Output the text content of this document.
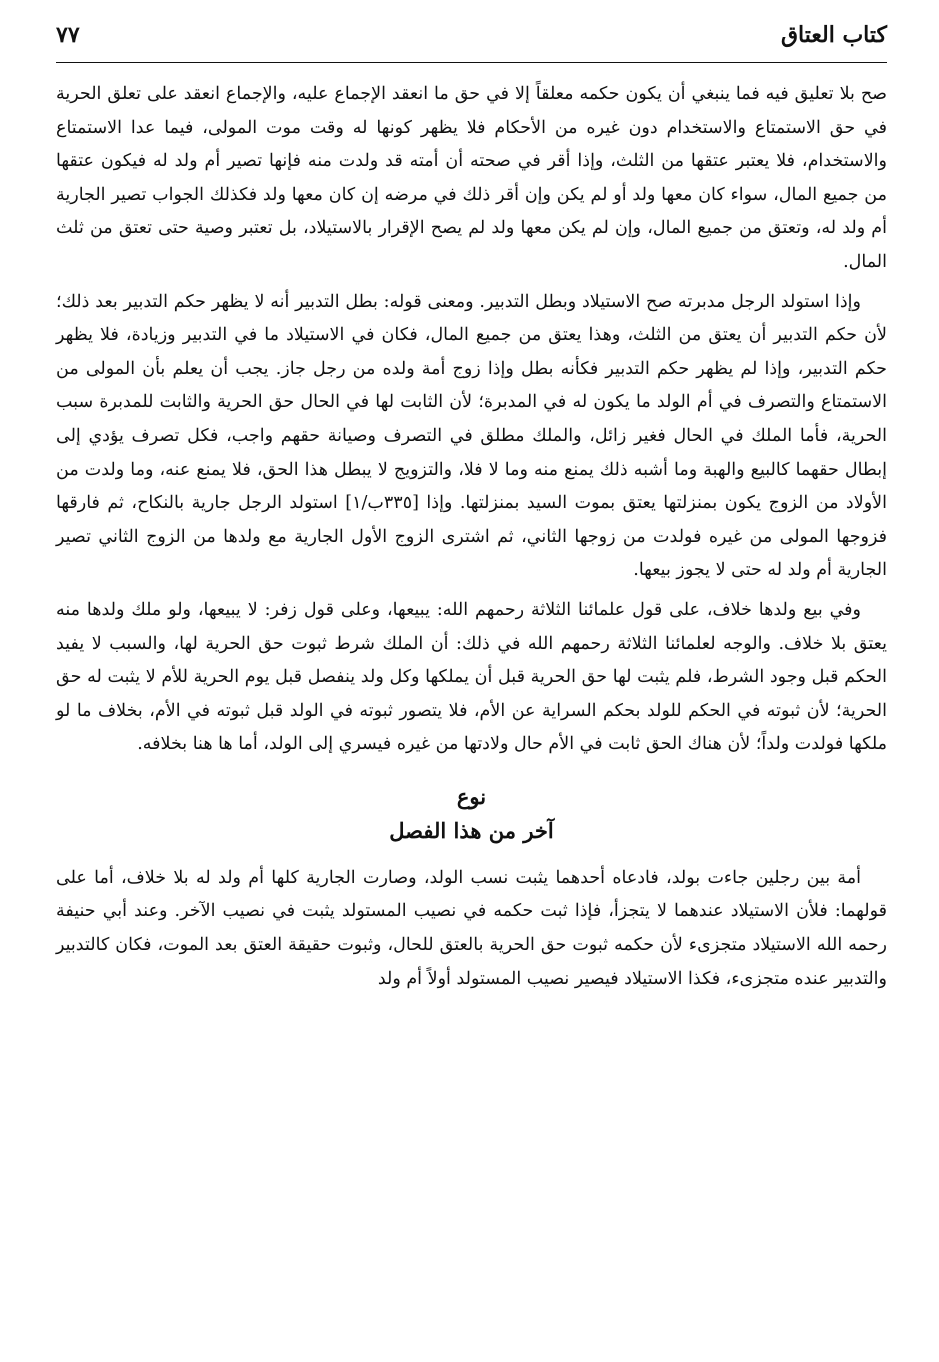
كتاب العتاق
٧٧

صح بلا تعليق فيه فما ينبغي أن يكون حكمه معلقاً إلا في حق ما انعقد الإجماع عليه، والإجماع انعقد على تعلق الحرية في حق الاستمتاع والاستخدام دون غيره من الأحكام فلا يظهر كونها له وقت موت المولى، فيما عدا الاستمتاع والاستخدام، فلا يعتبر عتقها من الثلث، وإذا أقر في صحته أن أمته قد ولدت منه فإنها تصير أم ولد له فيكون عتقها من جميع المال، سواء كان معها ولد أو لم يكن وإن أقر ذلك في مرضه إن كان معها ولد فكذلك الجواب تصير الجارية أم ولد له، وتعتق من جميع المال، وإن لم يكن معها ولد لم يصح الإقرار بالاستيلاد، بل تعتبر وصية حتى تعتق من ثلث المال.

وإذا استولد الرجل مدبرته صح الاستيلاد وبطل التدبير. ومعنى قوله: بطل التدبير أنه لا يظهر حكم التدبير بعد ذلك؛ لأن حكم التدبير أن يعتق من الثلث، وهذا يعتق من جميع المال، فكان في الاستيلاد ما في التدبير وزيادة، فلا يظهر حكم التدبير، وإذا لم يظهر حكم التدبير فكأنه بطل وإذا زوج أمة ولده من رجل جاز. يجب أن يعلم بأن المولى من الاستمتاع والتصرف في أم الولد ما يكون له في المدبرة؛ لأن الثابت لها في الحال حق الحرية والثابت للمدبرة سبب الحرية، فأما الملك في الحال فغير زائل، والملك مطلق في التصرف وصيانة حقهم واجب، فكل تصرف يؤدي إلى إبطال حقهما كالبيع والهبة وما أشبه ذلك يمنع منه وما لا فلا، والتزويج لا يبطل هذا الحق، فلا يمنع عنه، وما ولدت من الأولاد من الزوج يكون بمنزلتها يعتق بموت السيد بمنزلتها. وإذا [٣٣٥ب/١] استولد الرجل جارية بالنكاح، ثم فارقها فزوجها المولى من غيره فولدت من زوجها الثاني، ثم اشترى الزوج الأول الجارية مع ولدها من الزوج الثاني تصير الجارية أم ولد له حتى لا يجوز بيعها.

وفي بيع ولدها خلاف، على قول علمائنا الثلاثة رحمهم الله: يبيعها، وعلى قول زفر: لا يبيعها، ولو ملك ولدها منه يعتق بلا خلاف. والوجه لعلمائنا الثلاثة رحمهم الله في ذلك: أن الملك شرط ثبوت حق الحرية لها، والسبب لا يفيد الحكم قبل وجود الشرط، فلم يثبت لها حق الحرية قبل أن يملكها وكل ولد ينفصل قبل يوم الحرية للأم لا يثبت له حق الحرية؛ لأن ثبوته في الحكم للولد بحكم السراية عن الأم، فلا يتصور ثبوته في الولد قبل ثبوته في الأم، بخلاف ما لو ملكها فولدت ولداً؛ لأن هناك الحق ثابت في الأم حال ولادتها من غيره فيسري إلى الولد، أما ها هنا بخلافه.

نوع
آخر من هذا الفصل

أمة بين رجلين جاءت بولد، فادعاه أحدهما يثبت نسب الولد، وصارت الجارية كلها أم ولد له بلا خلاف، أما على قولهما: فلأن الاستيلاد عندهما لا يتجزأ، فإذا ثبت حكمه في نصيب المستولد يثبت في نصيب الآخر. وعند أبي حنيفة رحمه الله الاستيلاد متجزىء لأن حكمه ثبوت حق الحرية بالعتق للحال، وثبوت حقيقة العتق بعد الموت، فكان كالتدبير والتدبير عنده متجزىء، فكذا الاستيلاد فيصير نصيب المستولد أولاً أم ولد
